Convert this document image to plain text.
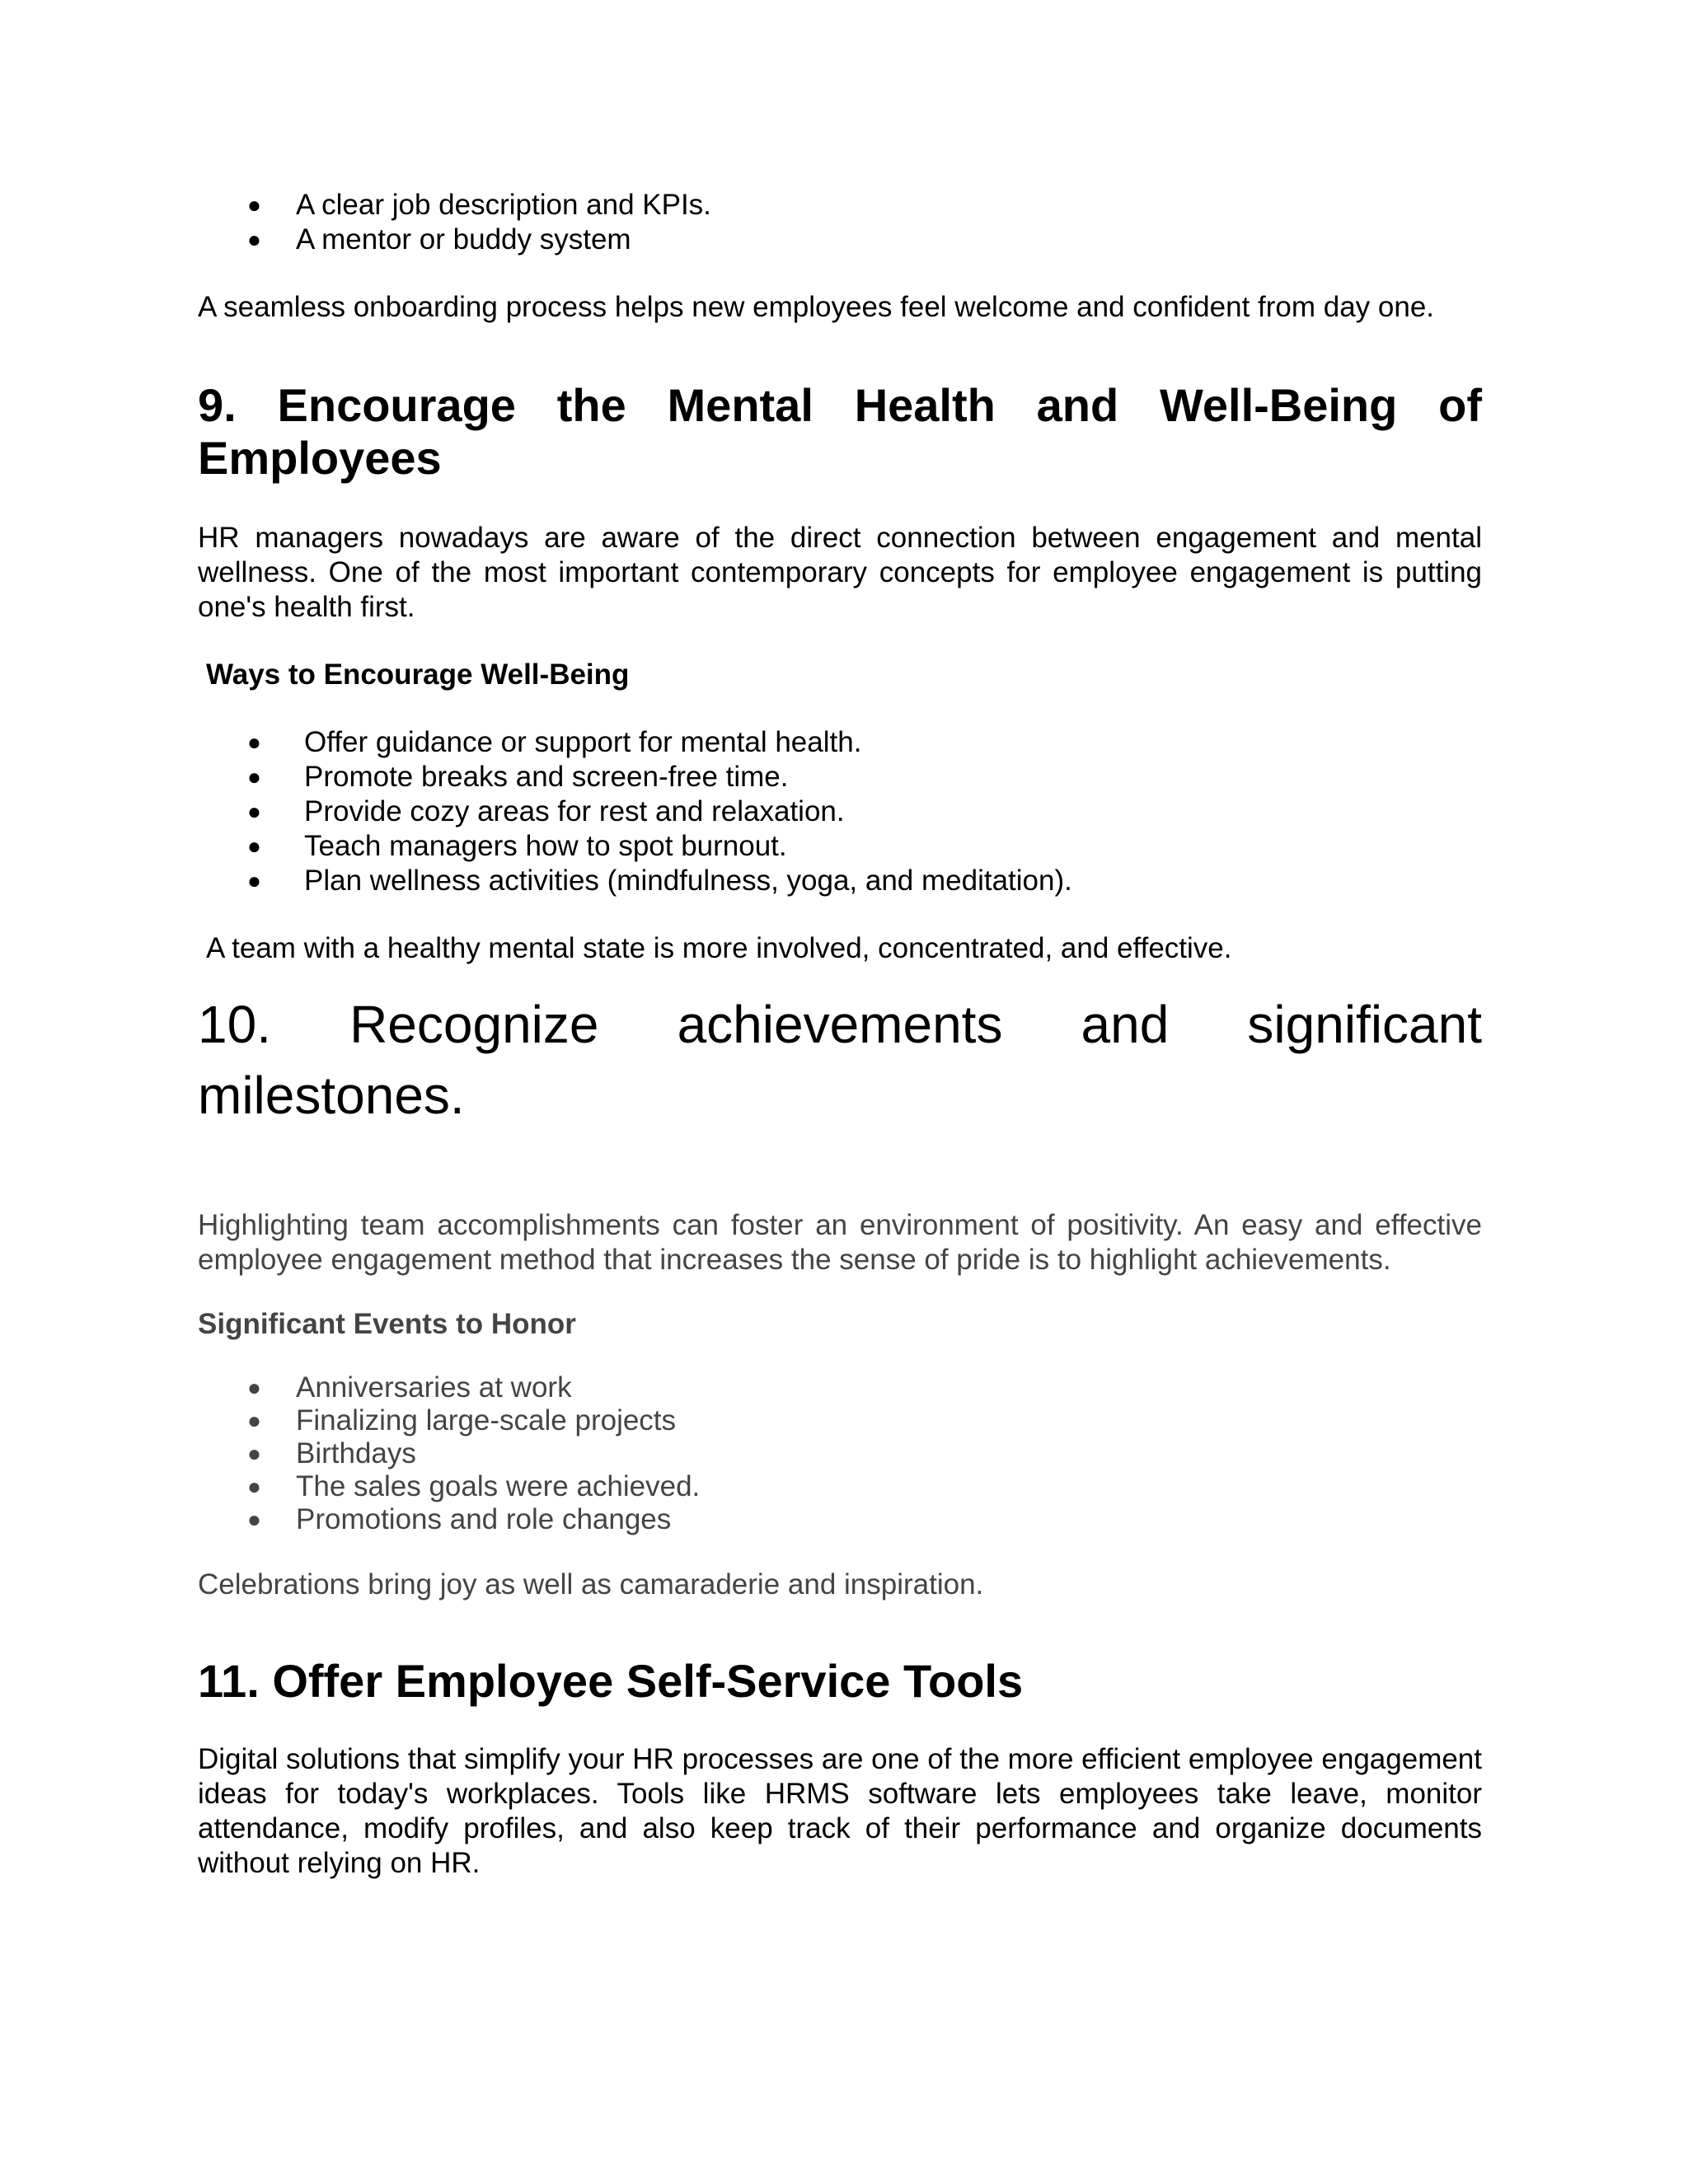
● A clear job description and KPIs.
● A mentor or buddy system

A seamless onboarding process helps new employees feel welcome and confident from day one.

9. Encourage the Mental Health and Well-Being of Employees

HR managers nowadays are aware of the direct connection between engagement and mental wellness. One of the most important contemporary concepts for employee engagement is putting one's health first.

Ways to Encourage Well-Being
● Offer guidance or support for mental health.
● Promote breaks and screen-free time.
● Provide cozy areas for rest and relaxation.
● Teach managers how to spot burnout.
● Plan wellness activities (mindfulness, yoga, and meditation).

A team with a healthy mental state is more involved, concentrated, and effective.

10. Recognize achievements and significant milestones.

Highlighting team accomplishments can foster an environment of positivity. An easy and effective employee engagement method that increases the sense of pride is to highlight achievements.

Significant Events to Honor
● Anniversaries at work
● Finalizing large-scale projects
● Birthdays
● The sales goals were achieved.
● Promotions and role changes

Celebrations bring joy as well as camaraderie and inspiration.

11. Offer Employee Self-Service Tools

Digital solutions that simplify your HR processes are one of the more efficient employee engagement ideas for today's workplaces. Tools like HRMS software lets employees take leave, monitor attendance, modify profiles, and also keep track of their performance and organize documents without relying on HR.
